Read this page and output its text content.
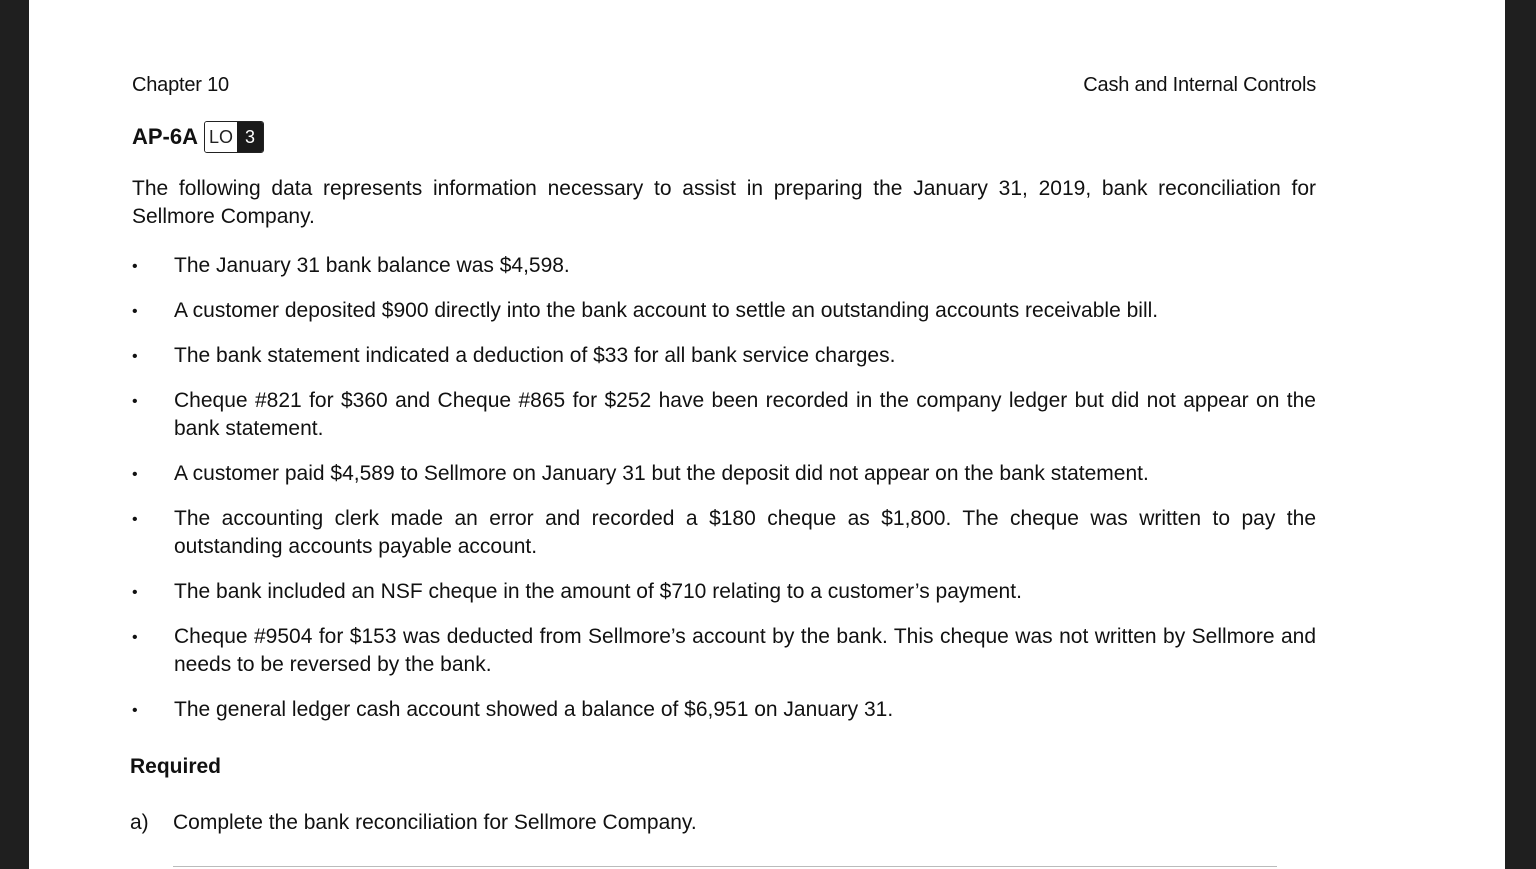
Chapter 10	Cash and Internal Controls
AP-6A LO 3

The following data represents information necessary to assist in preparing the January 31, 2019, bank reconciliation for Sellmore Company.

• The January 31 bank balance was $4,598.
• A customer deposited $900 directly into the bank account to settle an outstanding accounts receivable bill.
• The bank statement indicated a deduction of $33 for all bank service charges.
• Cheque #821 for $360 and Cheque #865 for $252 have been recorded in the company ledger but did not appear on the bank statement.
• A customer paid $4,589 to Sellmore on January 31 but the deposit did not appear on the bank statement.
• The accounting clerk made an error and recorded a $180 cheque as $1,800. The cheque was written to pay the outstanding accounts payable account.
• The bank included an NSF cheque in the amount of $710 relating to a customer’s payment.
• Cheque #9504 for $153 was deducted from Sellmore’s account by the bank. This cheque was not written by Sellmore and needs to be reversed by the bank.
• The general ledger cash account showed a balance of $6,951 on January 31.
Required
a)	Complete the bank reconciliation for Sellmore Company.
